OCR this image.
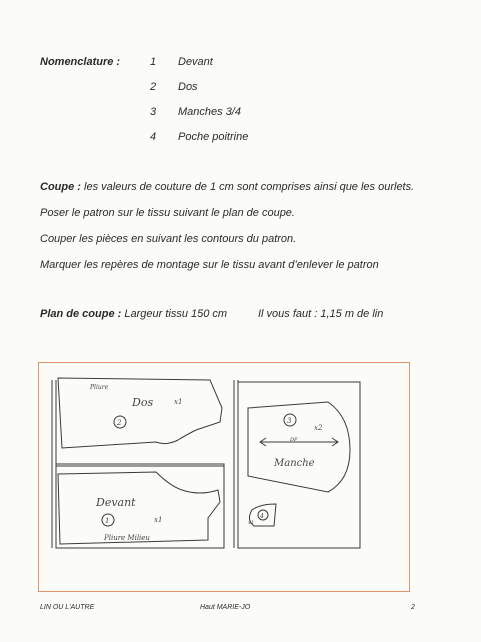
Nomenclature :	1 Devant
2 Dos
3 Manches 3/4
4 Poche poitrine
Coupe : les valeurs de couture de 1 cm sont comprises ainsi que les ourlets.
Poser le patron sur le tissu suivant le plan de coupe.
Couper les pièces en suivant les contours du patron.
Marquer les repères de montage sur le tissu avant d’enlever le patron
Plan de coupe : Largeur tissu 150 cm	Il vous faut : 1,15 m de lin
Pliure
Dos	x1
2
Devant
x1
1
Pliure Milieu
3
x2
DF
Manche
4
x1
LIN OU L'AUTRE	Haut MARIE-JO	2
